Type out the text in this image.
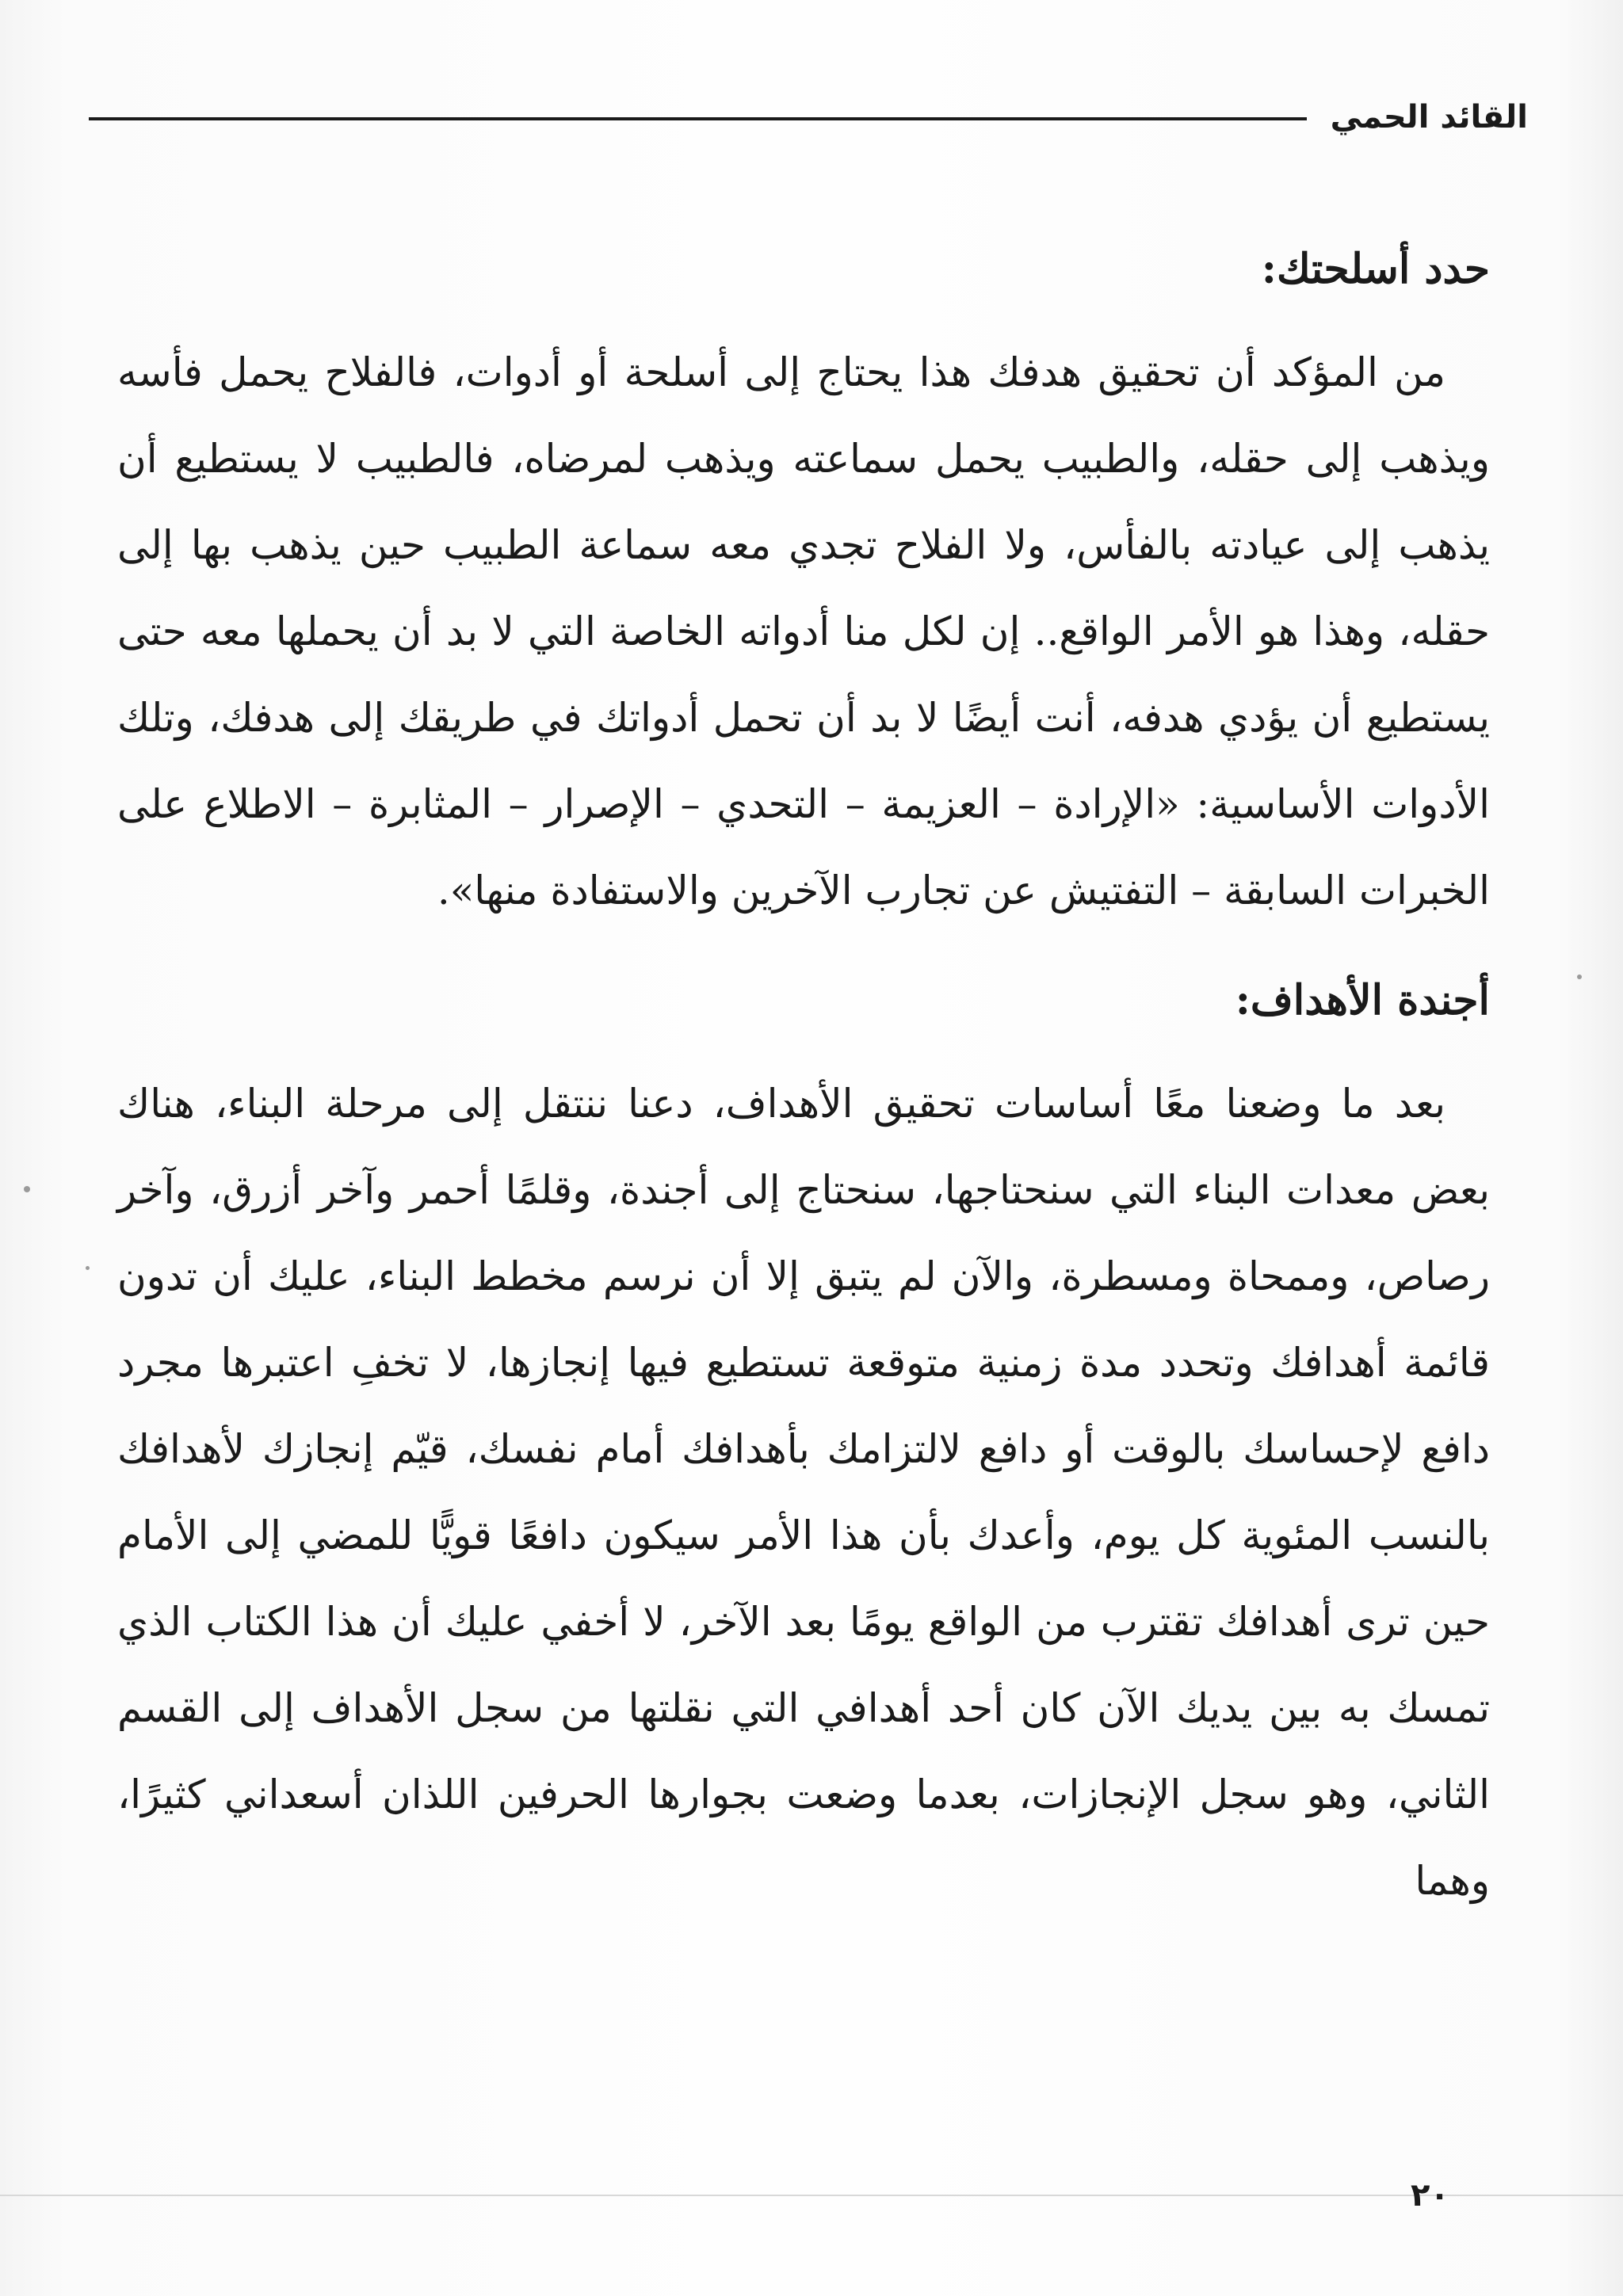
القائد الحمي
حدد أسلحتك:

من المؤكد أن تحقيق هدفك هذا يحتاج إلى أسلحة أو أدوات، فالفلاح يحمل فأسه ويذهب إلى حقله، والطبيب يحمل سماعته ويذهب لمرضاه، فالطبيب لا يستطيع أن يذهب إلى عيادته بالفأس، ولا الفلاح تجدي معه سماعة الطبيب حين يذهب بها إلى حقله، وهذا هو الأمر الواقع.. إن لكل منا أدواته الخاصة التي لا بد أن يحملها معه حتى يستطيع أن يؤدي هدفه، أنت أيضًا لا بد أن تحمل أدواتك في طريقك إلى هدفك، وتلك الأدوات الأساسية: «الإرادة – العزيمة – التحدي – الإصرار – المثابرة – الاطلاع على الخبرات السابقة – التفتيش عن تجارب الآخرين والاستفادة منها».

أجندة الأهداف:

بعد ما وضعنا معًا أساسات تحقيق الأهداف، دعنا ننتقل إلى مرحلة البناء، هناك بعض معدات البناء التي سنحتاجها، سنحتاج إلى أجندة، وقلمًا أحمر وآخر أزرق، وآخر رصاص، وممحاة ومسطرة، والآن لم يتبق إلا أن نرسم مخطط البناء، عليك أن تدون قائمة أهدافك وتحدد مدة زمنية متوقعة تستطيع فيها إنجازها، لا تخفِ اعتبرها مجرد دافع لإحساسك بالوقت أو دافع لالتزامك بأهدافك أمام نفسك، قيّم إنجازك لأهدافك بالنسب المئوية كل يوم، وأعدك بأن هذا الأمر سيكون دافعًا قويًّا للمضي إلى الأمام حين ترى أهدافك تقترب من الواقع يومًا بعد الآخر، لا أخفي عليك أن هذا الكتاب الذي تمسك به بين يديك الآن كان أحد أهدافي التي نقلتها من سجل الأهداف إلى القسم الثاني، وهو سجل الإنجازات، بعدما وضعت بجوارها الحرفين اللذان أسعداني كثيرًا، وهما

٢٠
